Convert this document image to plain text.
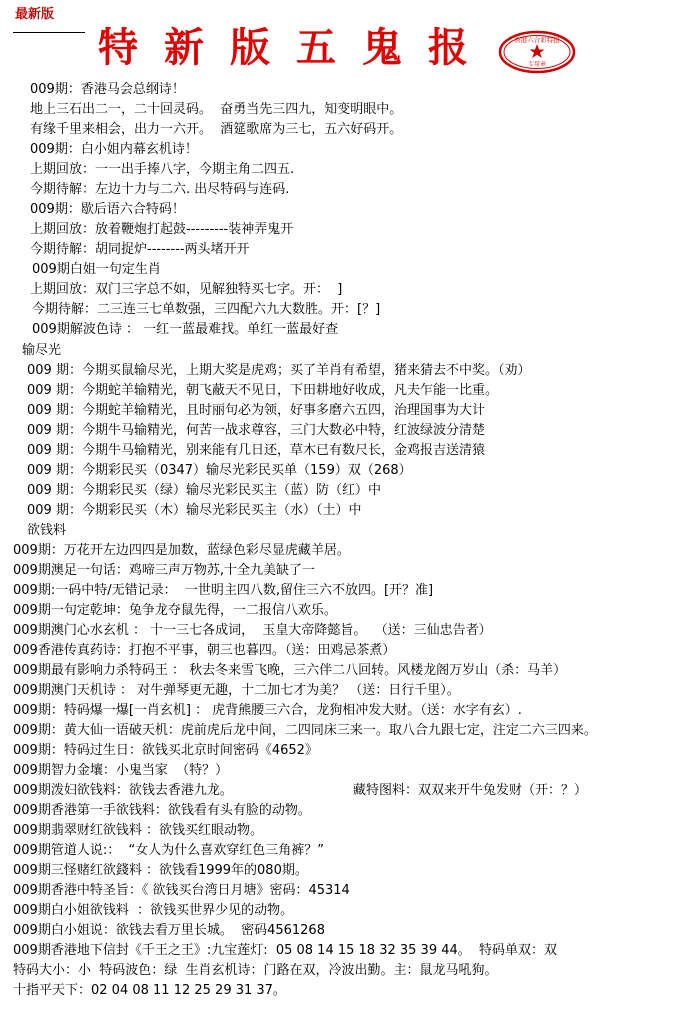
最新版
特新版五鬼报	香港六合彩特报
专用章
009期：香港马会总纲诗！
地上三石出二一，二十回灵码。  奋勇当先三四九，知变明眼中。
有缘千里来相会，出力一六开。  酒筵歌席为三七，五六好码开。
009期：白小姐内幕玄机诗！
上期回放：一一出手捧八字，今期主角二四五.
今期待解：左边十力与二六. 出尽特码与连码.
009期：歇后语六合特码！
上期回放：放着鞭炮打起鼓---------装神弄鬼开
今期待解：胡同捉炉--------两头堵开开
009期白姐一句定生肖
上期回放：双门三字总不如，见解独特买七字。开：  ]
今期待解：二三连三七单数强，三四配六九大数胜。开：[？]
009期解波色诗 ： 一红一蓝最难找。单红一蓝最好查
输尽光
009 期：今期买鼠输尽光，上期大奖是虎鸡；买了羊肖有希望，猪来猜去不中奖。（劝）
009 期：今期蛇羊输精光，朝飞蔽天不见日，下田耕地好收成，凡夫乍能一比重。
009 期：今期蛇羊输精光，且时丽句必为领，好事多磨六五四，治理国事为大计
009 期：今期牛马输精光，何苦一战求尊容，三门大数必中特，红波绿波分清楚
009 期：今期牛马输精光，别来能有几日还，草木已有数尺长，金鸡报吉送清猿
009 期：今期彩民买（0347）输尽光彩民买单（159）双（268）
009 期：今期彩民买（绿）输尽光彩民买主（蓝）防（红）中
009 期：今期彩民买（木）输尽光彩民买主（水）（土）中
欲钱料
009期：万花开左边四四是加数，蓝绿色彩尽显虎藏羊居。
009期澳足一句话：鸡啼三声万物苏,十全九美缺了一
009期:一码中特/无错记录：  一世明主四八数,留住三六不放四。[开？准]
009期一句定乾坤：兔争龙夺鼠先得，一二报信八欢乐。
009期澳门心水玄机 ： 十一三七各成词，  玉皇大帝降懿旨。  （送：三仙忠告者）
009香港传真药诗：打抱不平事，朝三也暮四。（送：田鸡忌茶煮）
009期最有影响力杀特码王 ： 秋去冬来雪飞晚，三六伴二八回转。风楼龙阁万岁山（杀：马羊）
009期澳门天机诗 ： 对牛弹琴更无趣，十二加七才为美？ （送：日行千里）。
009期：特码爆一爆[一肖玄机] ： 虎背熊腰三六合，龙狗相冲发大财。（送：水字有玄）.
009期：黄大仙一语破天机：虎前虎后龙中间，二四同床三来一。取八合九跟七定，注定二六三四来。
009期：特码过生日：欲钱买北京时间密码《4652》
009期智力金壤：小鬼当家  （特？）
009期泼妇欲钱料：欲钱去香港九龙。	藏特图料：双双来开牛兔发财（开：？）
009期香港第一手欲钱料：欲钱看有头有脸的动物。
009期翡翠财红欲钱料 ：欲钱买红眼动物。
009期管道人说:：  “女人为什么喜欢穿红色三角裤？”
009期三怪赌红欲錢料 ：欲钱看1999年的080期。
009期香港中特圣旨：《 欲钱买台湾日月塘》密码：45314
009期白小姐欲钱料  ：欲钱买世界少见的动物。
009期白小姐说：欲钱去看万里长城。  密码4561268
009期香港地下信封《千王之王》:九宝莲灯:  05 08 14 15 18 32 35 39 44。  特码单双：双
特码大小：小  特码波色：绿  生肖玄机诗：门路在双，冷波出勤。主：鼠龙马吼狗。
十指平天下：02 04 08 11 12 25 29 31 37。
